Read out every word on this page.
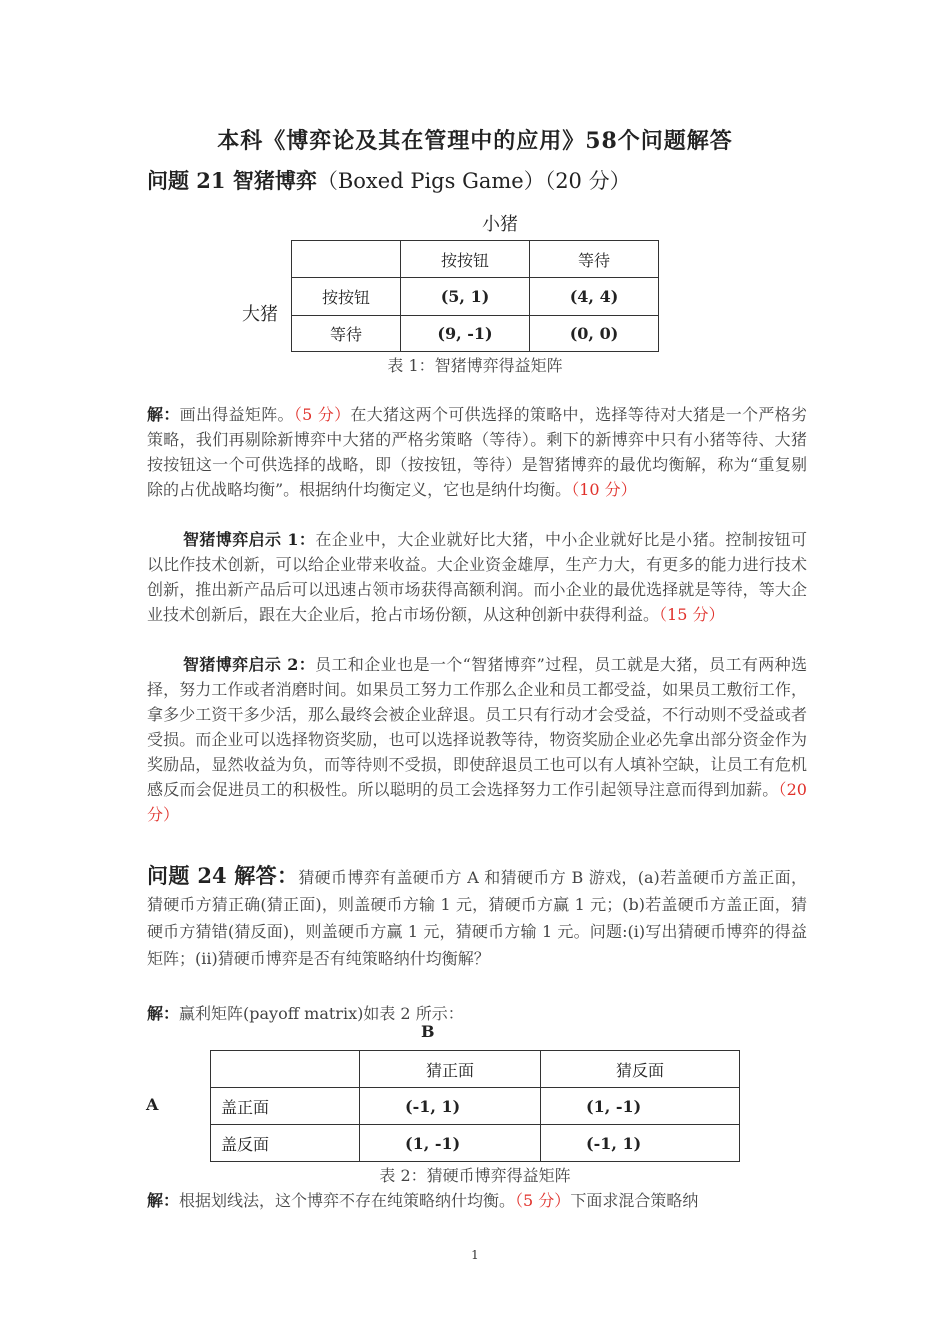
本科《博弈论及其在管理中的应用》58个问题解答
问题 21 智猪博弈（Boxed Pigs Game）（20 分）
小猪
大猪
	按按钮	等待
按按钮	(5, 1)	(4, 4)
等待	(9, -1)	(0, 0)
表 1：智猪博弈得益矩阵
解：画出得益矩阵。（5 分）在大猪这两个可供选择的策略中，选择等待对大猪是一个严格劣策略，我们再剔除新博弈中大猪的严格劣策略（等待）。剩下的新博弈中只有小猪等待、大猪按按钮这一个可供选择的战略，即（按按钮，等待）是智猪博弈的最优均衡解，称为“重复剔除的占优战略均衡”。根据纳什均衡定义，它也是纳什均衡。（10 分）
智猪博弈启示 1：在企业中，大企业就好比大猪，中小企业就好比是小猪。控制按钮可以比作技术创新，可以给企业带来收益。大企业资金雄厚，生产力大，有更多的能力进行技术创新，推出新产品后可以迅速占领市场获得高额利润。而小企业的最优选择就是等待，等大企业技术创新后，跟在大企业后，抢占市场份额，从这种创新中获得利益。（15 分）
智猪博弈启示 2：员工和企业也是一个“智猪博弈”过程，员工就是大猪，员工有两种选择，努力工作或者消磨时间。如果员工努力工作那么企业和员工都受益，如果员工敷衍工作，拿多少工资干多少活，那么最终会被企业辞退。员工只有行动才会受益，不行动则不受益或者受损。而企业可以选择物资奖励，也可以选择说教等待，物资奖励企业必先拿出部分资金作为奖励品，显然收益为负，而等待则不受损，即使辞退员工也可以有人填补空缺，让员工有危机感反而会促进员工的积极性。所以聪明的员工会选择努力工作引起领导注意而得到加薪。（20 分）
问题 24 解答：猜硬币博弈有盖硬币方 A 和猜硬币方 B 游戏，(a)若盖硬币方盖正面，猜硬币方猜正确(猜正面)，则盖硬币方输 1 元，猜硬币方赢 1 元；(b)若盖硬币方盖正面，猜硬币方猜错(猜反面)，则盖硬币方赢 1 元，猜硬币方输 1 元。问题:(i)写出猜硬币博弈的得益矩阵；(ii)猜硬币博弈是否有纯策略纳什均衡解？
解：赢利矩阵(payoff matrix)如表 2 所示：
B
A
	猜正面	猜反面
盖正面	(-1, 1)	(1, -1)
盖反面	(1, -1)	(-1, 1)
表 2：猜硬币博弈得益矩阵
解：根据划线法，这个博弈不存在纯策略纳什均衡。（5 分）下面求混合策略纳
1
